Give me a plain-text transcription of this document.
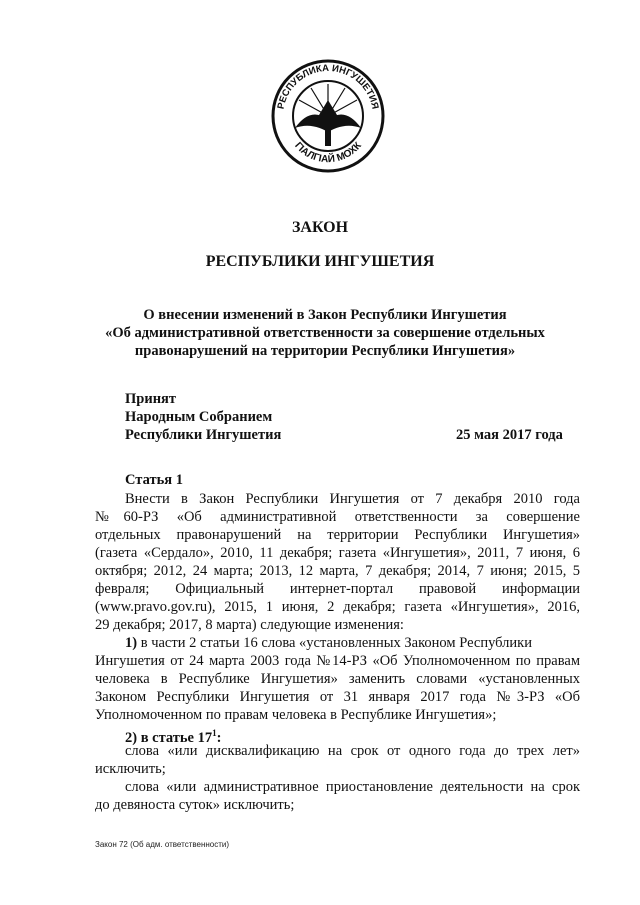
РЕСПУБЛИКА ИНГУШЕТИЯ
ГIАЛГIАЙ МОХК
ЗАКОН
РЕСПУБЛИКИ ИНГУШЕТИЯ
О внесении изменений в Закон Республики Ингушетия
«Об административной ответственности за совершение отдельных
правонарушений на территории Республики Ингушетия»
Принят
Народным Собранием
Республики Ингушетия	25 мая 2017 года
Статья 1
Внести в Закон Республики Ингушетия от 7 декабря 2010 года
№60-РЗ «Об административной ответственности за совершение
отдельных правонарушений на территории Республики Ингушетия»
(газета «Сердало», 2010, 11 декабря; газета «Ингушетия», 2011, 7 июня, 6
октября; 2012, 24 марта; 2013, 12 марта, 7 декабря; 2014, 7 июня; 2015, 5
февраля; Официальный интернет-портал правовой информации
(www.pravo.gov.ru), 2015, 1 июня, 2 декабря; газета «Ингушетия», 2016,
29 декабря; 2017, 8 марта) следующие изменения:
1) в части 2 статьи 16 слова «установленных Законом Республики
Ингушетия от 24 марта 2003 года №14-РЗ «Об Уполномоченном по правам
человека в Республике Ингушетия» заменить словами «установленных
Законом Республики Ингушетия от 31 января 2017 года №3-РЗ «Об
Уполномоченном по правам человека в Республике Ингушетия»;
2) в статье $17^1$:
слова «или дисквалификацию на срок от одного года до трех лет»
исключить;
слова «или административное приостановление деятельности на срок
до девяноста суток» исключить;
Закон 72 (Об адм. ответственности)
